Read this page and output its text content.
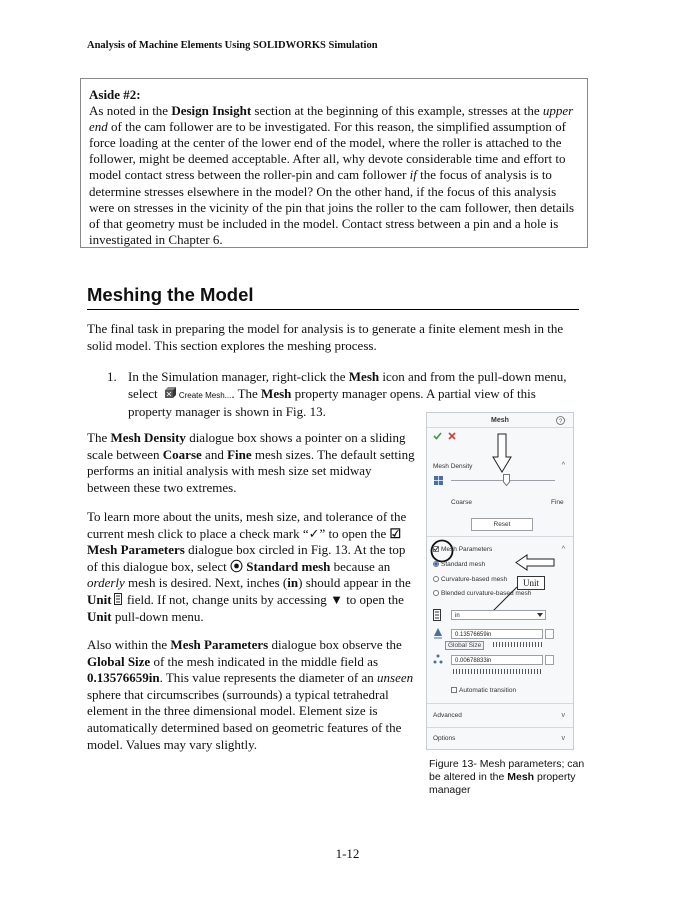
Analysis of Machine Elements Using SOLIDWORKS Simulation
Aside #2:
As noted in the Design Insight section at the beginning of this example, stresses at the upper end of the cam follower are to be investigated. For this reason, the simplified assumption of force loading at the center of the lower end of the model, where the roller is attached to the follower, might be deemed acceptable. After all, why devote considerable time and effort to model contact stress between the roller-pin and cam follower if the focus of analysis is to determine stresses elsewhere in the model? On the other hand, if the focus of this analysis were on stresses in the vicinity of the pin that joins the roller to the cam follower, then details of that geometry must be included in the model. Contact stress between a pin and a hole is investigated in Chapter 6.
Meshing the Model
The final task in preparing the model for analysis is to generate a finite element mesh in the solid model. This section explores the meshing process.
1. In the Simulation manager, right-click the Mesh icon and from the pull-down menu, select Create Mesh.... The Mesh property manager opens. A partial view of this property manager is shown in Fig. 13.
The Mesh Density dialogue box shows a pointer on a sliding scale between Coarse and Fine mesh sizes. The default setting performs an initial analysis with mesh size set midway between these two extremes.
To learn more about the units, mesh size, and tolerance of the current mesh click to place a check mark “✓” to open the ☑ Mesh Parameters dialogue box circled in Fig. 13. At the top of this dialogue box, select ⦿ Standard mesh because an orderly mesh is desired. Next, inches (in) should appear in the Unit field. If not, change units by accessing ▼ to open the Unit pull-down menu.
Also within the Mesh Parameters dialogue box observe the Global Size of the mesh indicated in the middle field as 0.13576659in. This value represents the diameter of an unseen sphere that circumscribes (surrounds) a typical tetrahedral element in the three dimensional model. Element size is automatically determined based on geometric features of the model. Values may vary slightly.
Mesh	?
Mesh Density	^
Coarse	Fine
Reset
Mesh Parameters	^
Standard mesh
Curvature-based mesh
Blended curvature-based mesh
Unit
in
0.13576659in
Global Size
0.00678833in
Automatic transition
Advanced	v
Options	v
Figure 13- Mesh parameters; can be altered in the Mesh property manager
1-12
